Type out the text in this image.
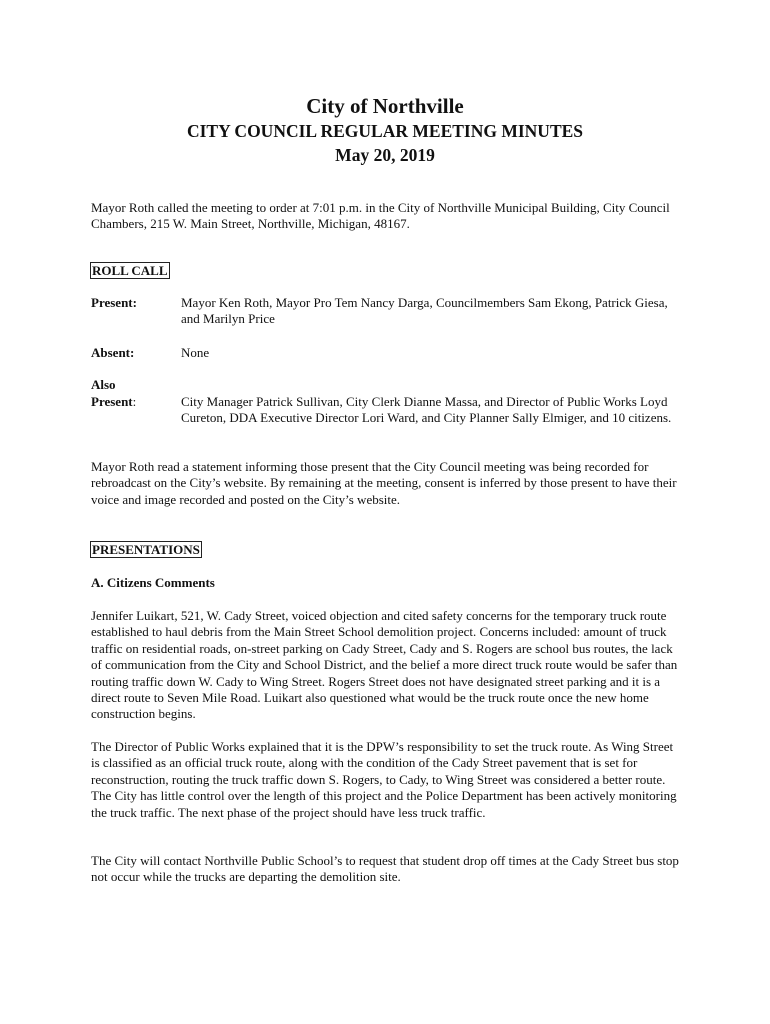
City of Northville
CITY COUNCIL REGULAR MEETING MINUTES
May 20, 2019

Mayor Roth called the meeting to order at 7:01 p.m. in the City of Northville Municipal Building, City Council Chambers, 215 W. Main Street, Northville, Michigan, 48167.

ROLL CALL
Present:	Mayor Ken Roth, Mayor Pro Tem Nancy Darga, Councilmembers Sam Ekong, Patrick Giesa, and Marilyn Price
Absent:	None
Also
Present:	City Manager Patrick Sullivan, City Clerk Dianne Massa, and Director of Public Works Loyd Cureton, DDA Executive Director Lori Ward, and City Planner Sally Elmiger, and 10 citizens.

Mayor Roth read a statement informing those present that the City Council meeting was being recorded for rebroadcast on the City’s website. By remaining at the meeting, consent is inferred by those present to have their voice and image recorded and posted on the City’s website.

PRESENTATIONS
A. Citizens Comments

Jennifer Luikart, 521, W. Cady Street, voiced objection and cited safety concerns for the temporary truck route established to haul debris from the Main Street School demolition project. Concerns included: amount of truck traffic on residential roads, on-street parking on Cady Street, Cady and S. Rogers are school bus routes, the lack of communication from the City and School District, and the belief a more direct truck route would be safer than routing traffic down W. Cady to Wing Street. Rogers Street does not have designated street parking and it is a direct route to Seven Mile Road. Luikart also questioned what would be the truck route once the new home construction begins.

The Director of Public Works explained that it is the DPW’s responsibility to set the truck route. As Wing Street is classified as an official truck route, along with the condition of the Cady Street pavement that is set for reconstruction, routing the truck traffic down S. Rogers, to Cady, to Wing Street was considered a better route. The City has little control over the length of this project and the Police Department has been actively monitoring the truck traffic. The next phase of the project should have less truck traffic.

The City will contact Northville Public School’s to request that student drop off times at the Cady Street bus stop not occur while the trucks are departing the demolition site.
